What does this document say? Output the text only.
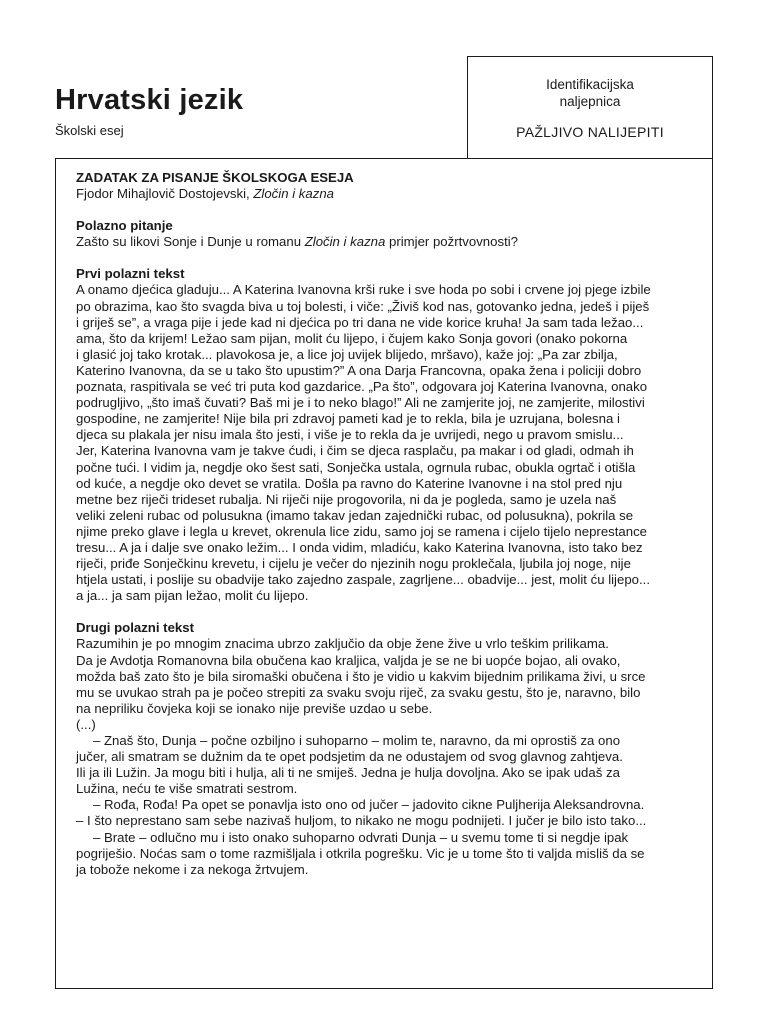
Hrvatski jezik
Školski esej
Identifikacijska
naljepnica
PAŽLJIVO NALIJEPITI
ZADATAK ZA PISANJE ŠKOLSKOGA ESEJA
Fjodor Mihajlovič Dostojevski, Zločin i kazna
Polazno pitanje
Zašto su likovi Sonje i Dunje u romanu Zločin i kazna primjer požrtvovnosti?
Prvi polazni tekst
A onamo djećica gladuju... A Katerina Ivanovna krši ruke i sve hoda po sobi i crvene joj pjege izbile
po obrazima, kao što svagda biva u toj bolesti, i viče: „Živiš kod nas, gotovanko jedna, jedeš i piješ
i griješ se”, a vraga pije i jede kad ni djećica po tri dana ne vide korice kruha! Ja sam tada ležao...
ama, što da krijem! Ležao sam pijan, molit ću lijepo, i čujem kako Sonja govori (onako pokorna
i glasić joj tako krotak... plavokosa je, a lice joj uvijek blijedo, mršavo), kaže joj: „Pa zar zbilja,
Katerino Ivanovna, da se u tako što upustim?” A ona Darja Francovna, opaka žena i policiji dobro
poznata, raspitivala se već tri puta kod gazdarice. „Pa što”, odgovara joj Katerina Ivanovna, onako
podrugljivo, „što imaš čuvati? Baš mi je i to neko blago!” Ali ne zamjerite joj, ne zamjerite, milostivi
gospodine, ne zamjerite! Nije bila pri zdravoj pameti kad je to rekla, bila je uzrujana, bolesna i
djeca su plakala jer nisu imala što jesti, i više je to rekla da je uvrijedi, nego u pravom smislu...
Jer, Katerina Ivanovna vam je takve ćudi, i čim se djeca rasplaču, pa makar i od gladi, odmah ih
počne tući. I vidim ja, negdje oko šest sati, Sonječka ustala, ogrnula rubac, obukla ogrtač i otišla
od kuće, a negdje oko devet se vratila. Došla pa ravno do Katerine Ivanovne i na stol pred nju
metne bez riječi trideset rubalja. Ni riječi nije progovorila, ni da je pogleda, samo je uzela naš
veliki zeleni rubac od polusukna (imamo takav jedan zajednički rubac, od polusukna), pokrila se
njime preko glave i legla u krevet, okrenula lice zidu, samo joj se ramena i cijelo tijelo neprestance
tresu... A ja i dalje sve onako ležim... I onda vidim, mladiću, kako Katerina Ivanovna, isto tako bez
riječi, priđe Sonječkinu krevetu, i cijelu je večer do njezinih nogu proklečala, ljubila joj noge, nije
htjela ustati, i poslije su obadvije tako zajedno zaspale, zagrljene... obadvije... jest, molit ću lijepo...
a ja... ja sam pijan ležao, molit ću lijepo.
Drugi polazni tekst
Razumihin je po mnogim znacima ubrzo zaključio da obje žene žive u vrlo teškim prilikama.
Da je Avdotja Romanovna bila obučena kao kraljica, valjda je se ne bi uopće bojao, ali ovako,
možda baš zato što je bila siromaški obučena i što je vidio u kakvim bijednim prilikama živi, u srce
mu se uvukao strah pa je počeo strepiti za svaku svoju riječ, za svaku gestu, što je, naravno, bilo
na nepriliku čovjeka koji se ionako nije previše uzdao u sebe.
(...)
– Znaš što, Dunja – počne ozbiljno i suhoparno – molim te, naravno, da mi oprostiš za ono
jučer, ali smatram se dužnim da te opet podsjetim da ne odustajem od svog glavnog zahtjeva.
Ili ja ili Lužin. Ja mogu biti i hulja, ali ti ne smiješ. Jedna je hulja dovoljna. Ako se ipak udaš za
Lužina, neću te više smatrati sestrom.
– Rođa, Rođa! Pa opet se ponavlja isto ono od jučer – jadovito cikne Puljherija Aleksandrovna.
– I što neprestano sam sebe nazivaš huljom, to nikako ne mogu podnijeti. I jučer je bilo isto tako...
– Brate – odlučno mu i isto onako suhoparno odvrati Dunja – u svemu tome ti si negdje ipak
pogriješio. Noćas sam o tome razmišljala i otkrila pogrešku. Vic je u tome što ti valjda misliš da se
ja tobože nekome i za nekoga žrtvujem.
